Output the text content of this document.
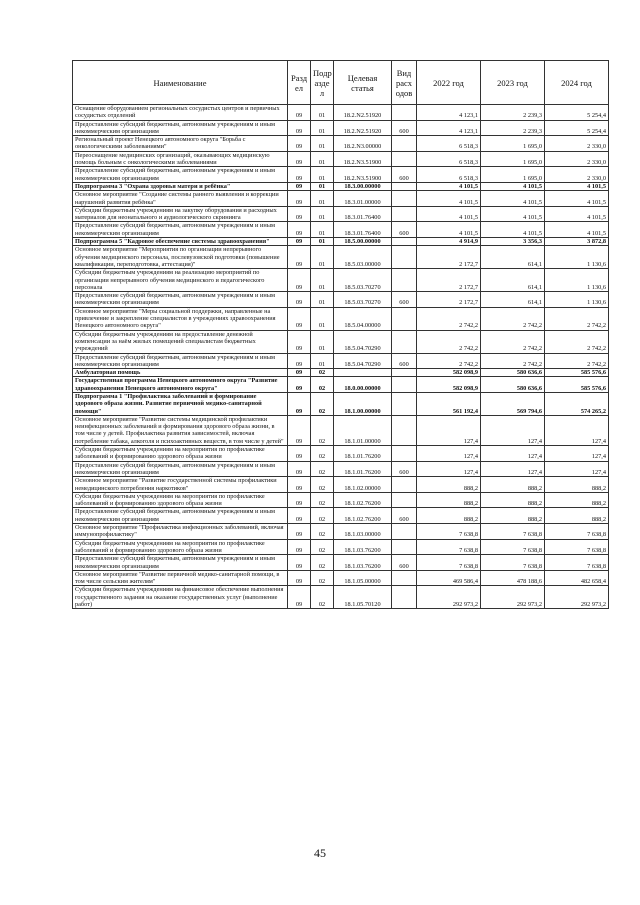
Наименование	Разд ел	Подр азде л	Целевая статья	Вид расх одов	2022 год	2023 год	2024 год
Оснащение оборудованием региональных сосудистых центров и первичных сосудистых отделений	09	01	18.2.N2.51920		4 123,1	2 239,3	5 254,4
Предоставление субсидий бюджетным, автономным учреждениям и иным некоммерческим организациям	09	01	18.2.N2.51920	600	4 123,1	2 239,3	5 254,4
Региональный проект Ненецкого автономного округа "Борьба с онкологическими заболеваниями"	09	01	18.2.N3.00000		6 518,3	1 695,0	2 330,0
Переоснащение медицинских организаций, оказывающих медицинскую помощь больным с онкологическими заболеваниями	09	01	18.2.N3.51900		6 518,3	1 695,0	2 330,0
Предоставление субсидий бюджетным, автономным учреждениям и иным некоммерческим организациям	09	01	18.2.N3.51900	600	6 518,3	1 695,0	2 330,0
Подпрограмма 3 "Охрана здоровья матери и ребёнка"	09	01	18.3.00.00000		4 101,5	4 101,5	4 101,5
Основное мероприятие "Создание системы раннего выявления и коррекции нарушений развития ребёнка"	09	01	18.3.01.00000		4 101,5	4 101,5	4 101,5
Субсидии бюджетным учреждениям на закупку оборудования и расходных материалов для неонатального и аудиологического скрининга	09	01	18.3.01.76400		4 101,5	4 101,5	4 101,5
Предоставление субсидий бюджетным, автономным учреждениям и иным некоммерческим организациям	09	01	18.3.01.76400	600	4 101,5	4 101,5	4 101,5
Подпрограмма 5 "Кадровое обеспечение системы здравоохранения"	09	01	18.5.00.00000		4 914,9	3 356,3	3 872,8
Основное мероприятие "Мероприятия по организации непрерывного обучения медицинского персонала, послевузовской подготовки (повышение квалификации, переподготовка, аттестация)"	09	01	18.5.03.00000		2 172,7	614,1	1 130,6
Субсидии бюджетным учреждениям на реализацию мероприятий по организации непрерывного обучения медицинского и педагогического персонала	09	01	18.5.03.70270		2 172,7	614,1	1 130,6
Предоставление субсидий бюджетным, автономным учреждениям и иным некоммерческим организациям	09	01	18.5.03.70270	600	2 172,7	614,1	1 130,6
Основное мероприятие "Меры социальной поддержки, направленные на привлечение и закрепление специалистов в учреждениях здравоохранения Ненецкого автономного округа"	09	01	18.5.04.00000		2 742,2	2 742,2	2 742,2
Субсидии бюджетным учреждениям на предоставление денежной компенсации за наём жилых помещений специалистам бюджетных учреждений	09	01	18.5.04.70290		2 742,2	2 742,2	2 742,2
Предоставление субсидий бюджетным, автономным учреждениям и иным некоммерческим организациям	09	01	18.5.04.70290	600	2 742,2	2 742,2	2 742,2
Амбулаторная помощь	09	02			582 098,9	580 636,6	585 576,6
Государственная программа Ненецкого автономного округа "Развитие здравоохранения Ненецкого автономного округа"	09	02	18.0.00.00000		582 098,9	580 636,6	585 576,6
Подпрограмма 1 "Профилактика заболеваний и формирование здорового образа жизни. Развитие первичной медико-санитарной помощи"	09	02	18.1.00.00000		561 192,4	569 794,6	574 265,2
Основное мероприятие "Развитие системы медицинской профилактики неинфекционных заболеваний и формирования здорового образа жизни, в том числе у детей. Профилактика развития зависимостей, включая потребление табака, алкоголя и психоактивных веществ, в том числе у детей"	09	02	18.1.01.00000		127,4	127,4	127,4
Субсидии бюджетным учреждениям на мероприятия по профилактике заболеваний и формированию здорового образа жизни	09	02	18.1.01.76200		127,4	127,4	127,4
Предоставление субсидий бюджетным, автономным учреждениям и иным некоммерческим организациям	09	02	18.1.01.76200	600	127,4	127,4	127,4
Основное мероприятие "Развитие государственной системы профилактики немедицинского потребления наркотиков"	09	02	18.1.02.00000		888,2	888,2	888,2
Субсидии бюджетным учреждениям на мероприятия по профилактике заболеваний и формированию здорового образа жизни	09	02	18.1.02.76200		888,2	888,2	888,2
Предоставление субсидий бюджетным, автономным учреждениям и иным некоммерческим организациям	09	02	18.1.02.76200	600	888,2	888,2	888,2
Основное мероприятие "Профилактика инфекционных заболеваний, включая иммунопрофилактику"	09	02	18.1.03.00000		7 638,8	7 638,8	7 638,8
Субсидии бюджетным учреждениям на мероприятия по профилактике заболеваний и формированию здорового образа жизни	09	02	18.1.03.76200		7 638,8	7 638,8	7 638,8
Предоставление субсидий бюджетным, автономным учреждениям и иным некоммерческим организациям	09	02	18.1.03.76200	600	7 638,8	7 638,8	7 638,8
Основное мероприятие "Развитие первичной медико-санитарной помощи, в том числе сельским жителям"	09	02	18.1.05.00000		469 586,4	478 188,6	482 658,4
Субсидии бюджетным учреждениям на финансовое обеспечение выполнения государственного задания на оказание государственных услуг (выполнение работ)	09	02	18.1.05.70120		292 973,2	292 973,2	292 973,2
45
